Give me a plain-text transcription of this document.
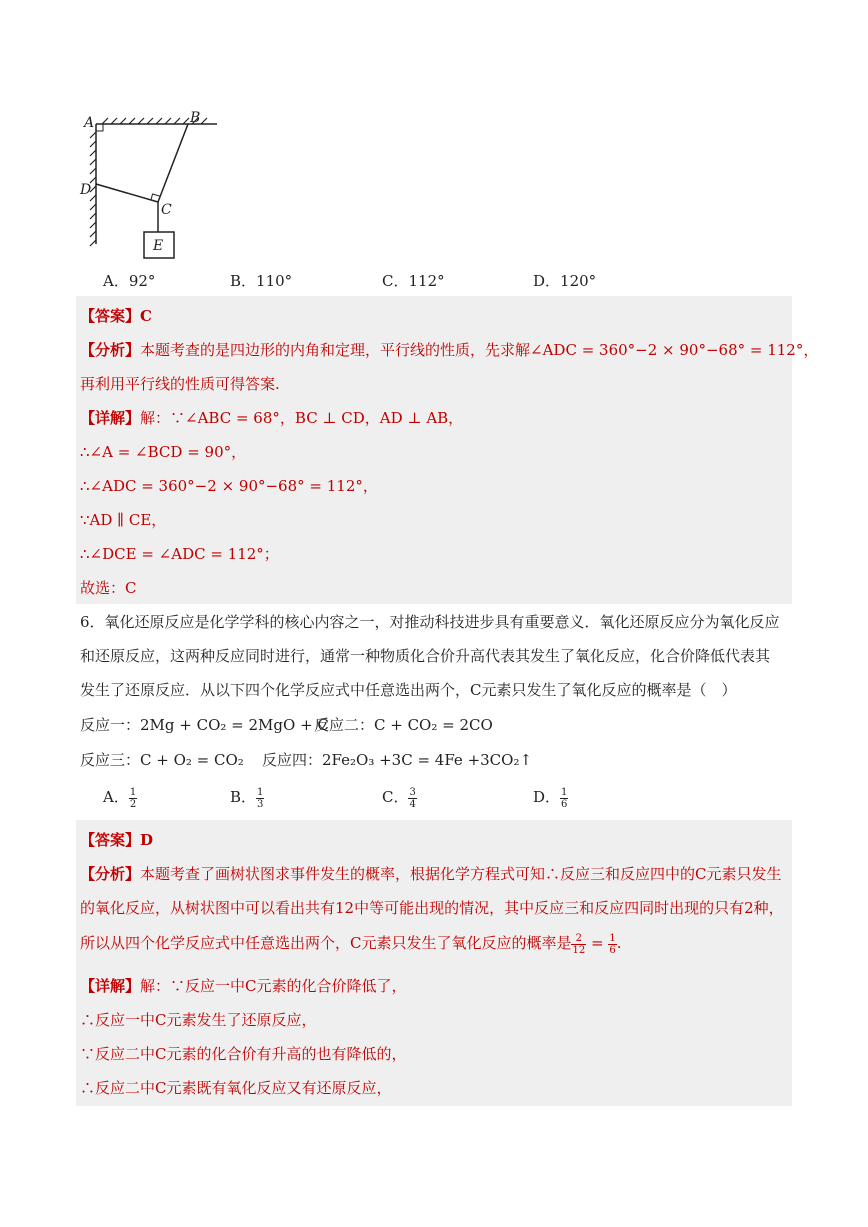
A	B
C
D
E
A．92°	B．110°	C．112°	D．120°
【答案】C
【分析】本题考查的是四边形的内角和定理，平行线的性质，先求解∠ADC = 360°−2 × 90°−68° = 112°，
再利用平行线的性质可得答案.
【详解】解：∵∠ABC = 68°，BC ⊥ CD，AD ⊥ AB，
∴∠A = ∠BCD = 90°，
∴∠ADC = 360°−2 × 90°−68° = 112°，
∵AD ∥ CE，
∴∠DCE = ∠ADC = 112°；
故选：C
6．氧化还原反应是化学学科的核心内容之一，对推动科技进步具有重要意义．氧化还原反应分为氧化反应
和还原反应，这两种反应同时进行，通常一种物质化合价升高代表其发生了氧化反应，化合价降低代表其
发生了还原反应．从以下四个化学反应式中任意选出两个，C元素只发生了氧化反应的概率是（　）
反应一：2Mg + CO₂ = 2MgO + C
反应二：C + CO₂ = 2CO
反应三：C + O₂ = CO₂ 反应四：2Fe₂O₃ +3C = 4Fe +3CO₂↑
A． $\frac{1}{2}$	B． $\frac{1}{3}$	C． $\frac{3}{4}$	D． $\frac{1}{6}$
【答案】D
【分析】本题考查了画树状图求事件发生的概率，根据化学方程式可知∴反应三和反应四中的C元素只发生
的氧化反应，从树状图中可以看出共有12中等可能出现的情况，其中反应三和反应四同时出现的只有2种，
所以从四个化学反应式中任意选出两个，C元素只发生了氧化反应的概率是 $\frac{2}{12} = \frac{1}{6}$ .
【详解】解：∵反应一中C元素的化合价降低了，
∴反应一中C元素发生了还原反应，
∵反应二中C元素的化合价有升高的也有降低的，
∴反应二中C元素既有氧化反应又有还原反应，
